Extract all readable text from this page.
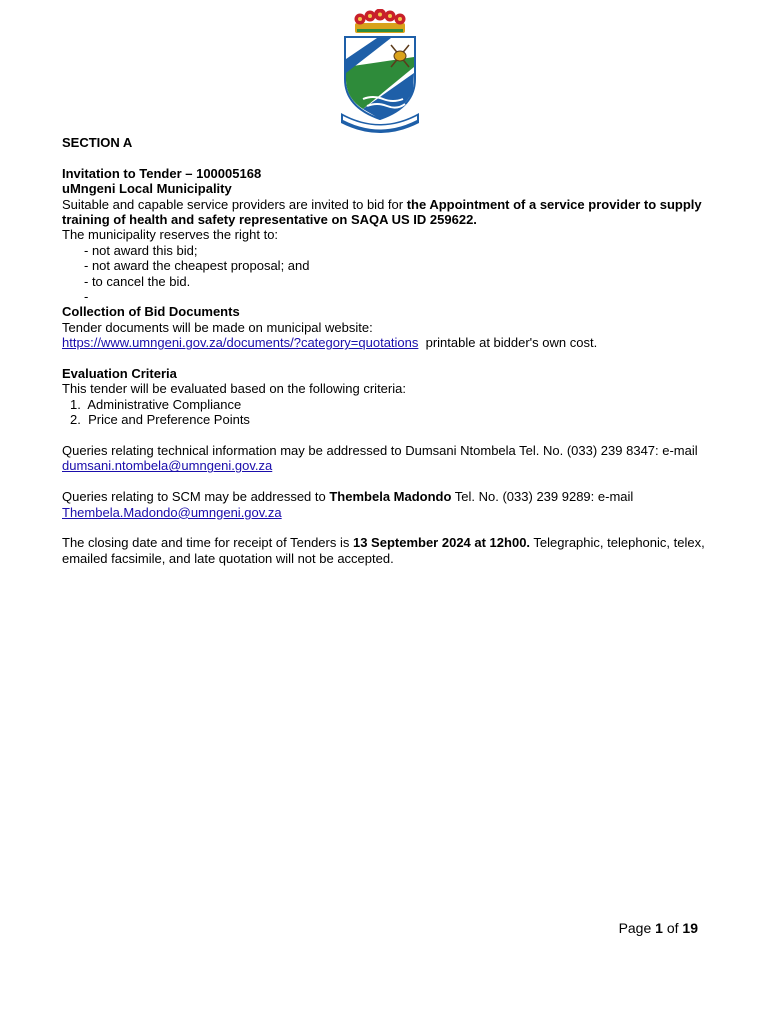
SECTION A

Invitation to Tender – 100005168

uMngeni Local Municipality

Suitable and capable service providers are invited to bid for the Appointment of a service provider to supply training of health and safety representative on SAQA US ID 259622.

The municipality reserves the right to:

- not award this bid;

- not award the cheapest proposal; and

- to cancel the bid.

-

Collection of Bid Documents

Tender documents will be made on municipal website:

https://www.umngeni.gov.za/documents/?category=quotations  printable at bidder's own cost.

Evaluation Criteria

This tender will be evaluated based on the following criteria:

1.  Administrative Compliance
2.  Price and Preference Points

Queries relating technical information may be addressed to Dumsani Ntombela Tel. No. (033) 239 8347: e-mail dumsani.ntombela@umngeni.gov.za

Queries relating to SCM may be addressed to Thembela Madondo Tel. No. (033) 239 9289: e-mail Thembela.Madondo@umngeni.gov.za

The closing date and time for receipt of Tenders is 13 September 2024 at 12h00. Telegraphic, telephonic, telex, emailed facsimile, and late quotation will not be accepted.

Page 1 of 19
